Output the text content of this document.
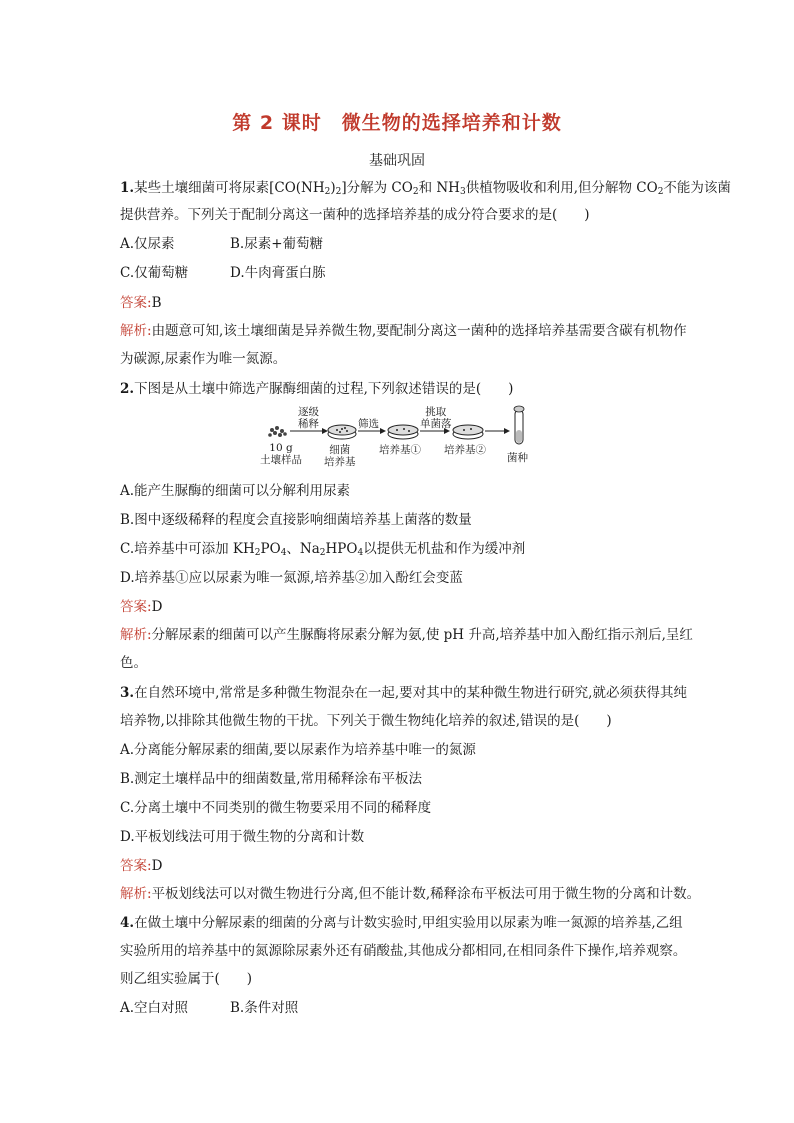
第 2 课时　微生物的选择培养和计数
基础巩固
1.某些土壤细菌可将尿素$[CO(NH_2)_2]$分解为 $CO_2$和 $NH_3$供植物吸收和利用,但分解物 $CO_2$不能为该菌
提供营养。下列关于配制分离这一菌种的选择培养基的成分符合要求的是(　　)
A.仅尿素	B.尿素+葡萄糖
C.仅葡萄糖	D.牛肉膏蛋白胨
答案:B
解析:由题意可知,该土壤细菌是异养微生物,要配制分离这一菌种的选择培养基需要含碳有机物作
为碳源,尿素作为唯一氮源。
2.下图是从土壤中筛选产脲酶细菌的过程,下列叙述错误的是(　　)
逐级
稀释	筛选
挑取
单菌落
10 g
土壤样品
细菌
培养基
培养基① 培养基②
菌种
A.能产生脲酶的细菌可以分解利用尿素
B.图中逐级稀释的程度会直接影响细菌培养基上菌落的数量
C.培养基中可添加 $KH_2PO_4$、$Na_2HPO_4$以提供无机盐和作为缓冲剂
D.培养基①应以尿素为唯一氮源,培养基②加入酚红会变蓝
答案:D
解析:分解尿素的细菌可以产生脲酶将尿素分解为氨,使 pH 升高,培养基中加入酚红指示剂后,呈红
色。
3.在自然环境中,常常是多种微生物混杂在一起,要对其中的某种微生物进行研究,就必须获得其纯
培养物,以排除其他微生物的干扰。下列关于微生物纯化培养的叙述,错误的是(　　)
A.分离能分解尿素的细菌,要以尿素作为培养基中唯一的氮源
B.测定土壤样品中的细菌数量,常用稀释涂布平板法
C.分离土壤中不同类别的微生物要采用不同的稀释度
D.平板划线法可用于微生物的分离和计数
答案:D
解析:平板划线法可以对微生物进行分离,但不能计数,稀释涂布平板法可用于微生物的分离和计数。
4.在做土壤中分解尿素的细菌的分离与计数实验时,甲组实验用以尿素为唯一氮源的培养基,乙组
实验所用的培养基中的氮源除尿素外还有硝酸盐,其他成分都相同,在相同条件下操作,培养观察。
则乙组实验属于(　　)
A.空白对照	B.条件对照
